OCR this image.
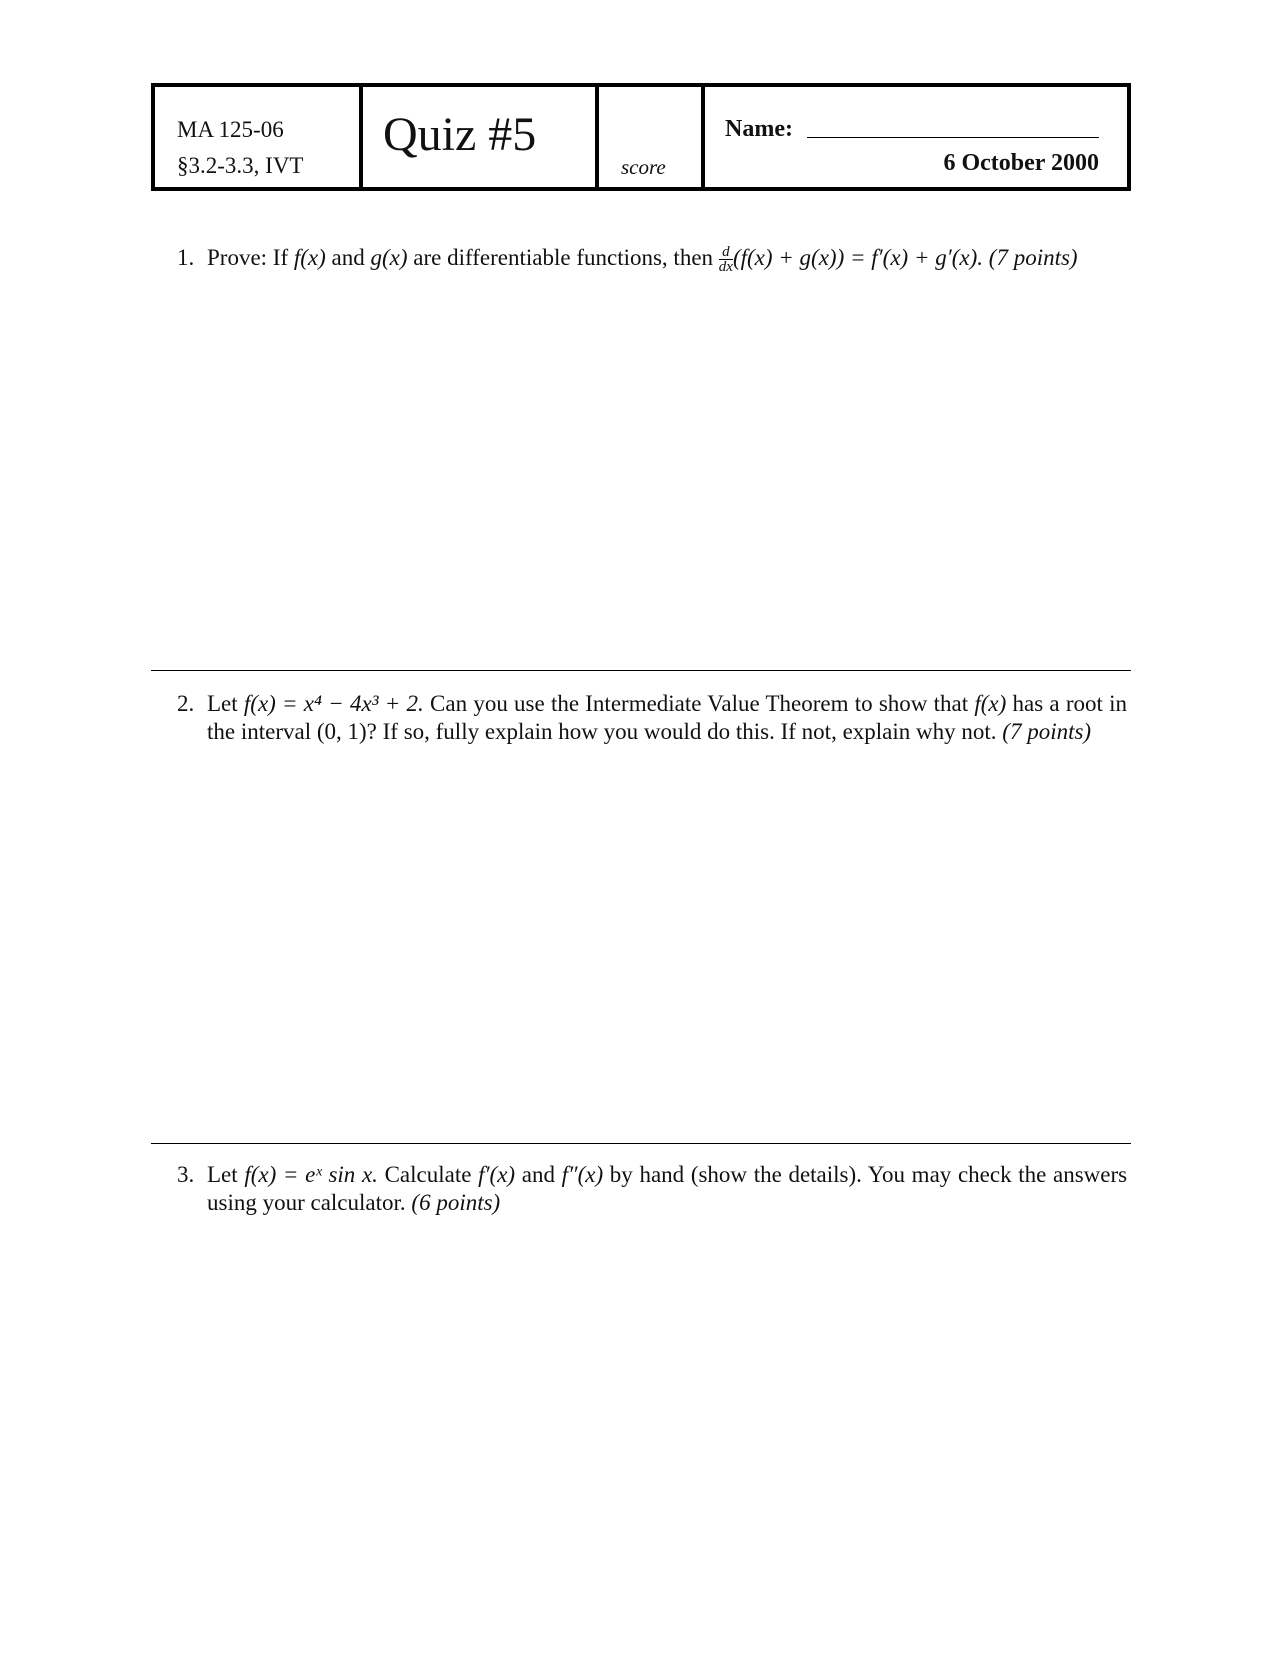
MA 125-06
§3.2-3.3, IVT
Quiz #5
score
Name:
6 October 2000
1. Prove: If f(x) and g(x) are differentiable functions, then $\frac{d}{dx} (f(x) + g(x)) = f'(x) + g'(x)$. (7 points)
2. Let f(x) = x⁴ − 4x³ + 2. Can you use the Intermediate Value Theorem to show that f(x) has a root in the interval (0, 1)? If so, fully explain how you would do this. If not, explain why not. (7 points)
3. Let f(x) = eˣ sin x. Calculate f′(x) and f″(x) by hand (show the details). You may check the answers using your calculator. (6 points)
